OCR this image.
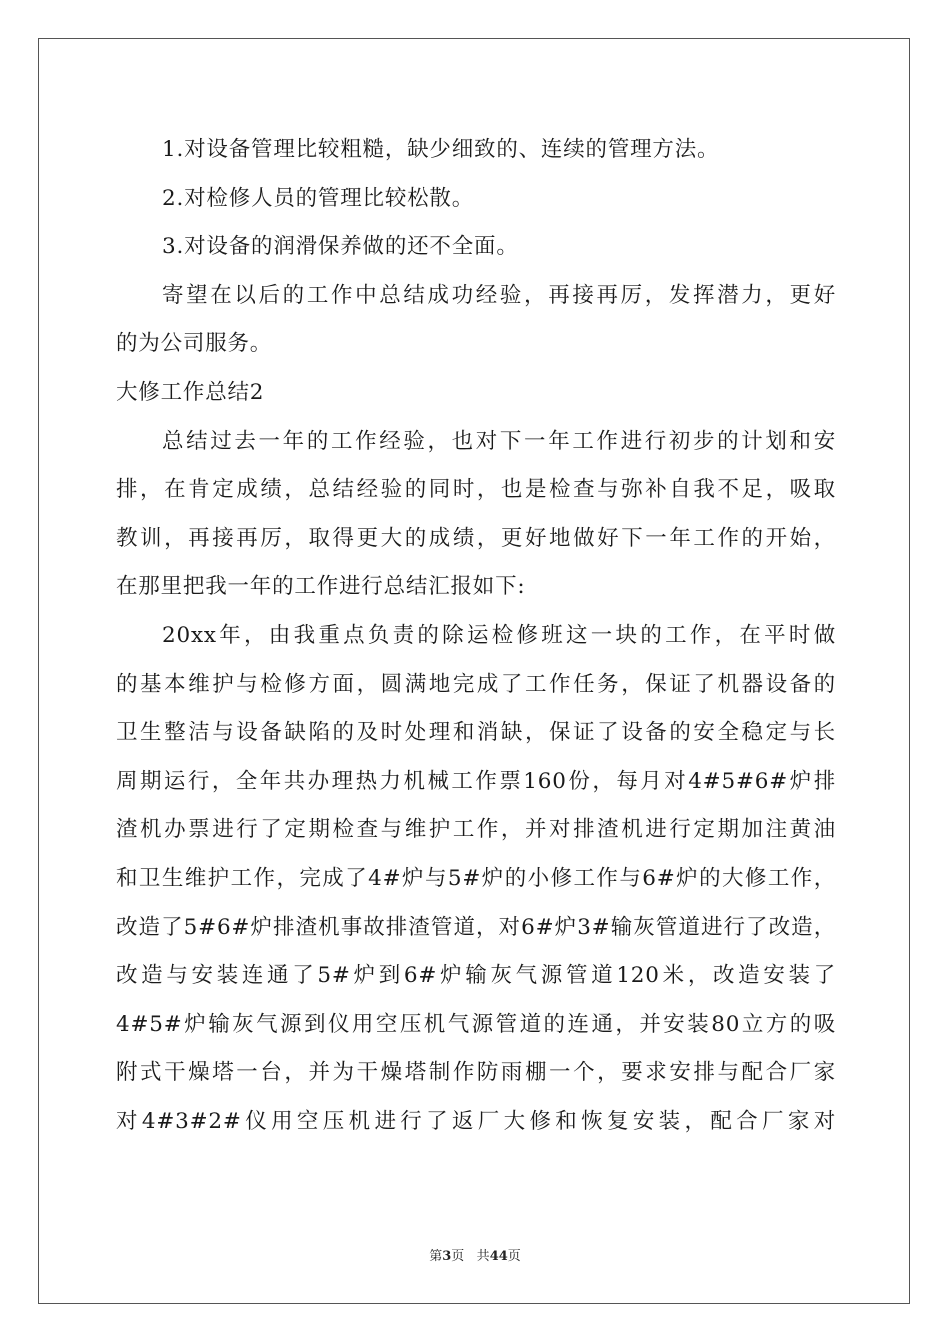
1.对设备管理比较粗糙，缺少细致的、连续的管理方法。
2.对检修人员的管理比较松散。
3.对设备的润滑保养做的还不全面。
寄望在以后的工作中总结成功经验，再接再厉，发挥潜力，更好
的为公司服务。
大修工作总结2
总结过去一年的工作经验，也对下一年工作进行初步的计划和安
排，在肯定成绩，总结经验的同时，也是检查与弥补自我不足，吸取
教训，再接再厉，取得更大的成绩，更好地做好下一年工作的开始，
在那里把我一年的工作进行总结汇报如下:
20xx年，由我重点负责的除运检修班这一块的工作，在平时做
的基本维护与检修方面，圆满地完成了工作任务，保证了机器设备的
卫生整洁与设备缺陷的及时处理和消缺，保证了设备的安全稳定与长
周期运行，全年共办理热力机械工作票160份，每月对4#5#6#炉排
渣机办票进行了定期检查与维护工作，并对排渣机进行定期加注黄油
和卫生维护工作，完成了4#炉与5#炉的小修工作与6#炉的大修工作，
改造了5#6#炉排渣机事故排渣管道，对6#炉3#输灰管道进行了改造，
改造与安装连通了5#炉到6#炉输灰气源管道120米，改造安装了
4#5#炉输灰气源到仪用空压机气源管道的连通，并安装80立方的吸
附式干燥塔一台，并为干燥塔制作防雨棚一个，要求安排与配合厂家
对4#3#2#仪用空压机进行了返厂大修和恢复安装，配合厂家对
第3页 共44页
